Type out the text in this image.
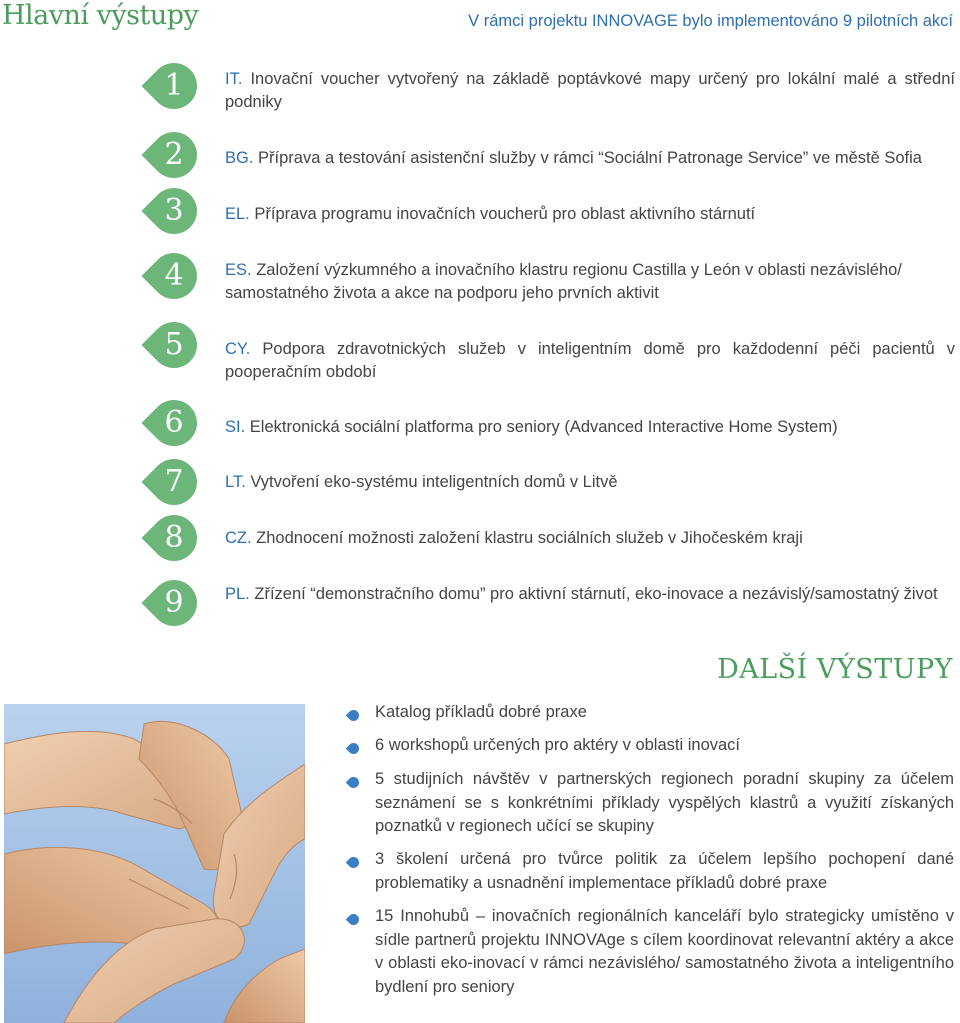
Hlavní výstupy	V rámci projektu INNOVAGE bylo implementováno 9 pilotních akcí
1	IT. Inovační voucher vytvořený na základě poptávkové mapy určený pro lokální malé a střední podniky
2	BG. Příprava a testování asistenční služby v rámci “Sociální Patronage Service” ve městě Sofia
3	EL. Příprava programu inovačních voucherů pro oblast aktivního stárnutí
4	ES. Založení výzkumného a inovačního klastru regionu Castilla y León v oblasti nezávislého/ samostatného života a akce na podporu jeho prvních aktivit
5	CY. Podpora zdravotnických služeb v inteligentním domě pro každodenní péči pacientů v pooperačním období
6	SI. Elektronická sociální platforma pro seniory (Advanced Interactive Home System)
7	LT. Vytvoření eko-systému inteligentních domů v Litvě
8	CZ. Zhodnocení možnosti založení klastru sociálních služeb v Jihočeském kraji
9	PL. Zřízení “demonstračního domu” pro aktivní stárnutí, eko-inovace a nezávislý/samostatný život
DALŠÍ VÝSTUPY
Katalog příkladů dobré praxe
6 workshopů určených pro aktéry v oblasti inovací
5 studijních návštěv v partnerských regionech poradní skupiny za účelem seznámení se s konkrétními příklady vyspělých klastrů a využití získaných poznatků v regionech učící se skupiny
3 školení určená pro tvůrce politik za účelem lepšího pochopení dané problematiky a usnadnění implementace příkladů dobré praxe
15 Innohubů – inovačních regionálních kanceláří bylo strategicky umístěno v sídle partnerů projektu INNOVAge s cílem koordinovat relevantní aktéry a akce v oblasti eko-inovací v rámci nezávislého/ samostatného života a inteligentního bydlení pro seniory
